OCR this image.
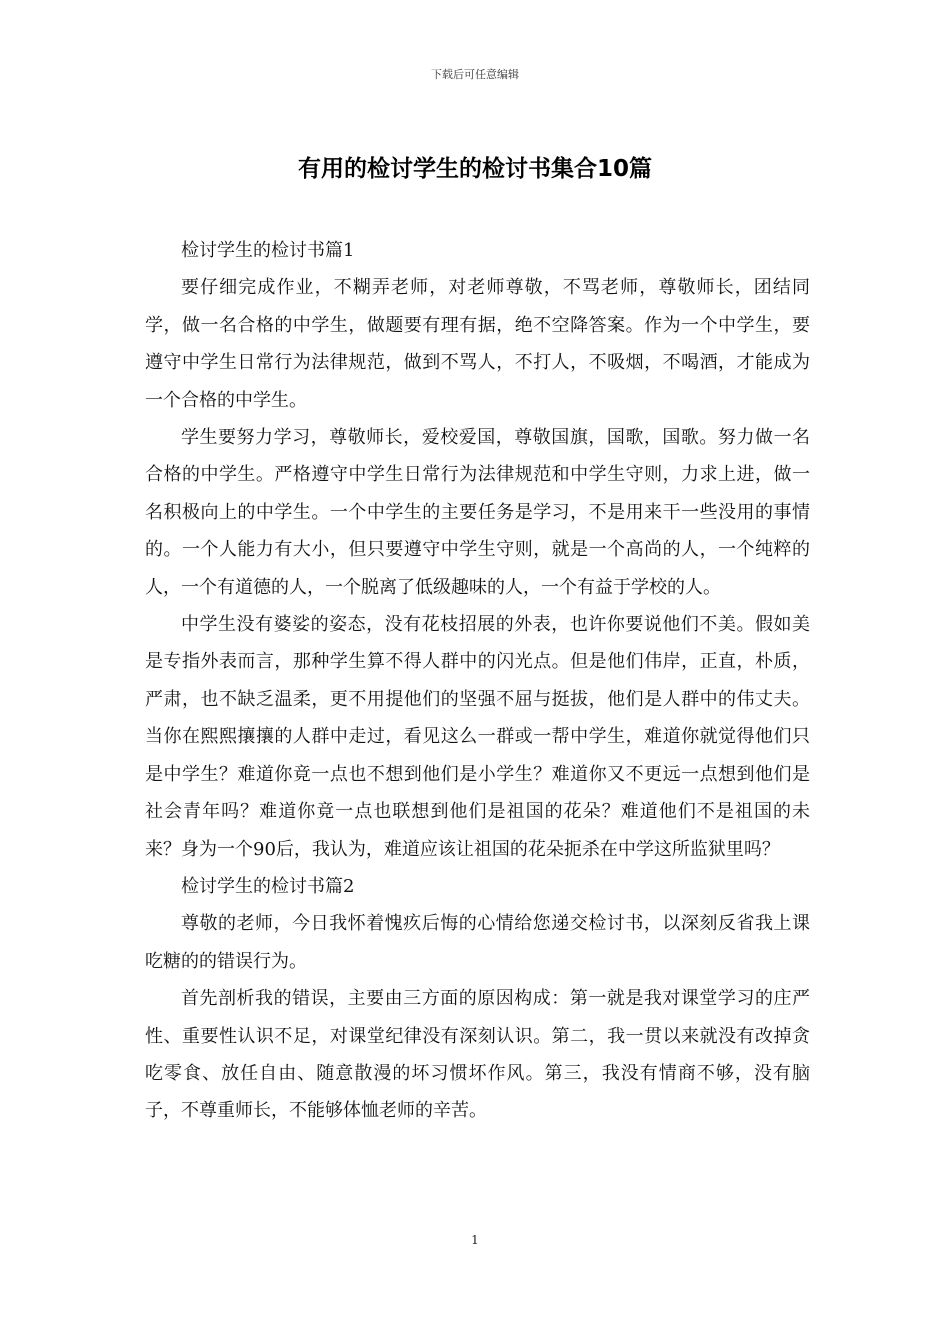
下载后可任意编辑
有用的检讨学生的检讨书集合10篇

检讨学生的检讨书篇1

要仔细完成作业，不糊弄老师，对老师尊敬，不骂老师，尊敬师长，团结同学，做一名合格的中学生，做题要有理有据，绝不空降答案。作为一个中学生，要遵守中学生日常行为法律规范，做到不骂人，不打人，不吸烟，不喝酒，才能成为一个合格的中学生。

学生要努力学习，尊敬师长，爱校爱国，尊敬国旗，国歌，国歌。努力做一名合格的中学生。严格遵守中学生日常行为法律规范和中学生守则，力求上进，做一名积极向上的中学生。一个中学生的主要任务是学习，不是用来干一些没用的事情的。一个人能力有大小，但只要遵守中学生守则，就是一个高尚的人，一个纯粹的人，一个有道德的人，一个脱离了低级趣味的人，一个有益于学校的人。

中学生没有婆娑的姿态，没有花枝招展的外表，也许你要说他们不美。假如美是专指外表而言，那种学生算不得人群中的闪光点。但是他们伟岸，正直，朴质，严肃，也不缺乏温柔，更不用提他们的坚强不屈与挺拔，他们是人群中的伟丈夫。当你在熙熙攘攘的人群中走过，看见这么一群或一帮中学生，难道你就觉得他们只是中学生？难道你竟一点也不想到他们是小学生？难道你又不更远一点想到他们是社会青年吗？难道你竟一点也联想到他们是祖国的花朵？难道他们不是祖国的未来？身为一个90后，我认为，难道应该让祖国的花朵扼杀在中学这所监狱里吗？

检讨学生的检讨书篇2

尊敬的老师，今日我怀着愧疚后悔的心情给您递交检讨书，以深刻反省我上课吃糖的的错误行为。

首先剖析我的错误，主要由三方面的原因构成：第一就是我对课堂学习的庄严性、重要性认识不足，对课堂纪律没有深刻认识。第二，我一贯以来就没有改掉贪吃零食、放任自由、随意散漫的坏习惯坏作风。第三，我没有情商不够，没有脑子，不尊重师长，不能够体恤老师的辛苦。

1
